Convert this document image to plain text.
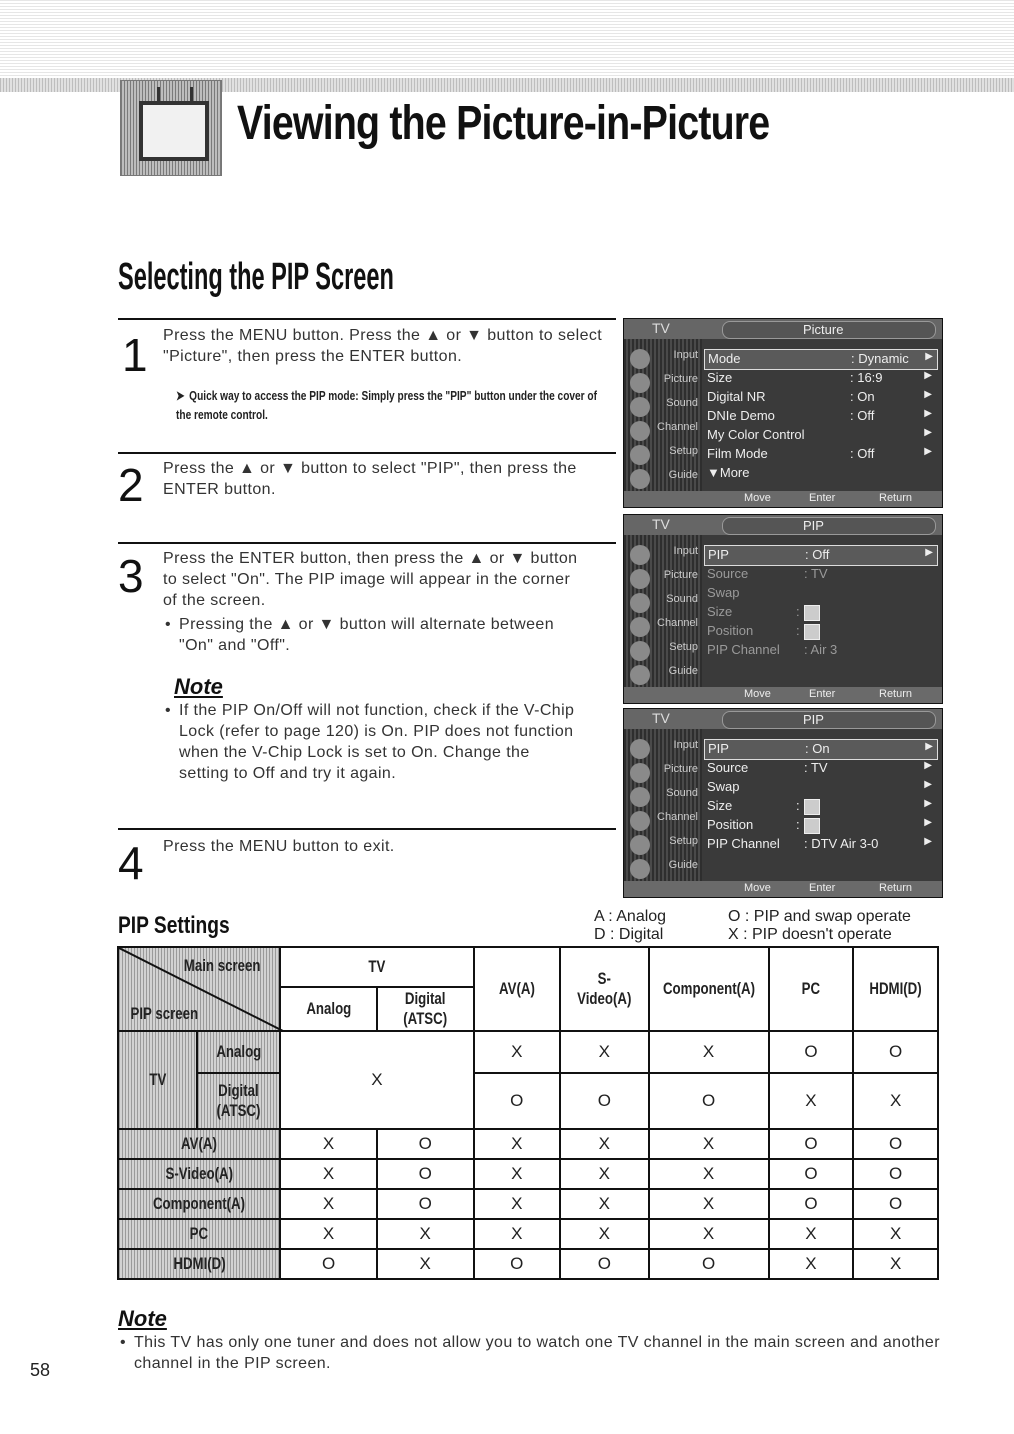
Viewing the Picture-in-Picture
Selecting the PIP Screen
1 Press the MENU button. Press the ▲ or ▼ button to select "Picture", then press the ENTER button.
➤ Quick way to access the PIP mode: Simply press the "PIP" button under the cover of the remote control.
2 Press the ▲ or ▼ button to select "PIP", then press the ENTER button.
3 Press the ENTER button, then press the ▲ or ▼ button to select "On". The PIP image will appear in the corner of the screen.
• Pressing the ▲ or ▼ button will alternate between "On" and "Off".
Note
• If the PIP On/Off will not function, check if the V-Chip Lock (refer to page 120) is On. PIP does not function when the V-Chip Lock is set to On. Change the setting to Off and try it again.
4 Press the MENU button to exit.
TV	Picture
Input
Picture
Sound
Channel
Setup
Guide
Mode	: Dynamic ▶
Size	: 16:9	▶
Digital NR	: On	▶
DNIe Demo	: Off	▶
My Color Control	▶
Film Mode	: Off	▶
▼More
Move	Enter	Return
TV	PIP
Input
Picture
Sound
Channel
Setup
Guide
PIP	: Off	▶
Source	: TV
Swap
Size	:
Position	:
PIP Channel : Air 3
Move	Enter	Return
TV	PIP
Input
Picture
Sound
Channel
Setup
Guide
PIP	: On	▶
Source	: TV	▶
Swap	▶
Size	:	▶
Position	:	▶
PIP Channel : DTV Air 3-0	▶
Move	Enter	Return
PIP Settings	A : Analog
D : Digital
O : PIP and swap operate
X : PIP doesn't operate
Main screen
PIP screen		TV		AV(A)	S-Video(A)	Component(A)	PC	HDMI(D)
		Analog	Digital
(ATSC)					
TV	Analog	X		X	X	X	O	O
	Digital (ATSC)			O	O	O	X	X
AV(A)		X	O	X	X	X	O	O
S-Video(A)		X	O	X	X	X	O	O
Component(A)		X	O	X	X	X	O	O
PC		X	X	X	X	X	X	X
HDMI(D)		O	X	O	O	O	X	X
Note
• This TV has only one tuner and does not allow you to watch one TV channel in the main screen and another channel in the PIP screen.
58
